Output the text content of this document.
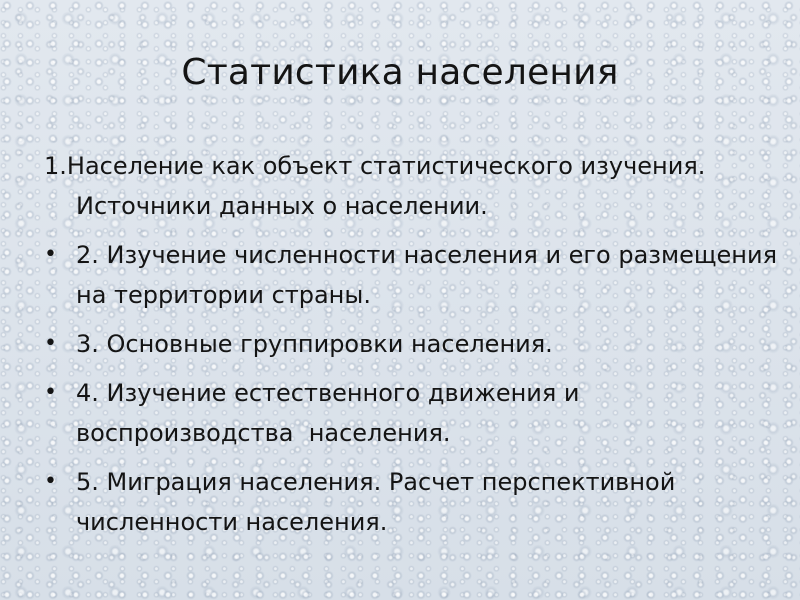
Статистика населения
1.Население как объект статистического изучения. Источники данных о населении.
• 2. Изучение численности населения и его размещения на территории страны.
• 3. Основные группировки населения.
• 4. Изучение естественного движения и воспроизводства  населения.
• 5. Миграция населения. Расчет перспективной численности населения.
